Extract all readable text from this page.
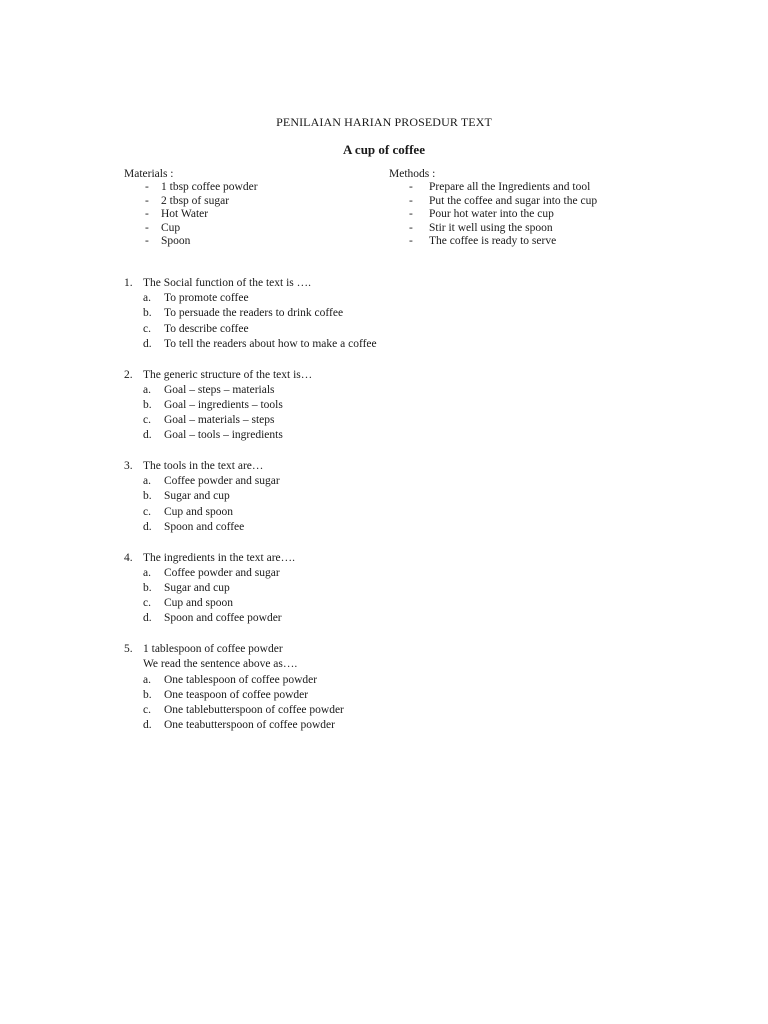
PENILAIAN HARIAN PROSEDUR TEXT
A cup of coffee
Materials :
- 1 tbsp coffee powder
- 2 tbsp of sugar
- Hot Water
- Cup
- Spoon
Methods :
- Prepare all the Ingredients and tool
- Put the coffee and sugar into the cup
- Pour hot water into the cup
- Stir it well using the spoon
- The coffee is ready to serve
1. The Social function of the text is ….
a. To promote coffee
b. To persuade the readers to drink coffee
c. To describe coffee
d. To tell the readers about how to make a coffee
2. The generic structure of the text is…
a. Goal – steps – materials
b. Goal – ingredients – tools
c. Goal – materials – steps
d. Goal – tools – ingredients
3. The tools in the text are…
a. Coffee powder and sugar
b. Sugar and cup
c. Cup and spoon
d. Spoon and coffee
4. The ingredients in the text are….
a. Coffee powder and sugar
b. Sugar and cup
c. Cup and spoon
d. Spoon and coffee powder
5. 1 tablespoon of coffee powder
We read the sentence above as….
a. One tablespoon of coffee powder
b. One teaspoon of coffee powder
c. One tablebutterspoon of coffee powder
d. One teabutterspoon of coffee powder
